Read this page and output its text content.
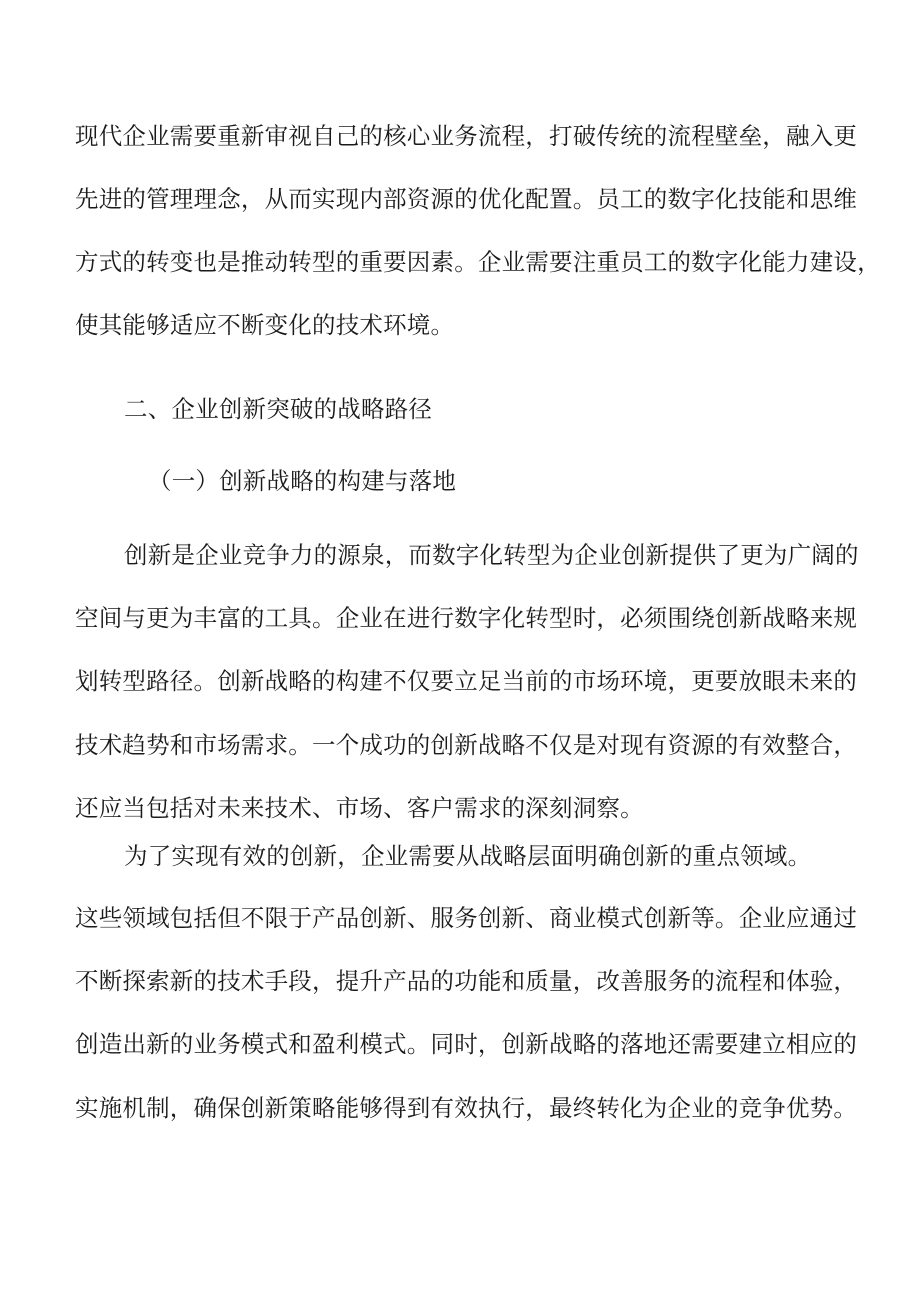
现代企业需要重新审视自己的核心业务流程，打破传统的流程壁垒，融入更
先进的管理理念，从而实现内部资源的优化配置。员工的数字化技能和思维
方式的转变也是推动转型的重要因素。企业需要注重员工的数字化能力建设，
使其能够适应不断变化的技术环境。
二、企业创新突破的战略路径
（一）创新战略的构建与落地
创新是企业竞争力的源泉，而数字化转型为企业创新提供了更为广阔的
空间与更为丰富的工具。企业在进行数字化转型时，必须围绕创新战略来规
划转型路径。创新战略的构建不仅要立足当前的市场环境，更要放眼未来的
技术趋势和市场需求。一个成功的创新战略不仅是对现有资源的有效整合，
还应当包括对未来技术、市场、客户需求的深刻洞察。
为了实现有效的创新，企业需要从战略层面明确创新的重点领域。
这些领域包括但不限于产品创新、服务创新、商业模式创新等。企业应通过
不断探索新的技术手段，提升产品的功能和质量，改善服务的流程和体验，
创造出新的业务模式和盈利模式。同时，创新战略的落地还需要建立相应的
实施机制，确保创新策略能够得到有效执行，最终转化为企业的竞争优势。
